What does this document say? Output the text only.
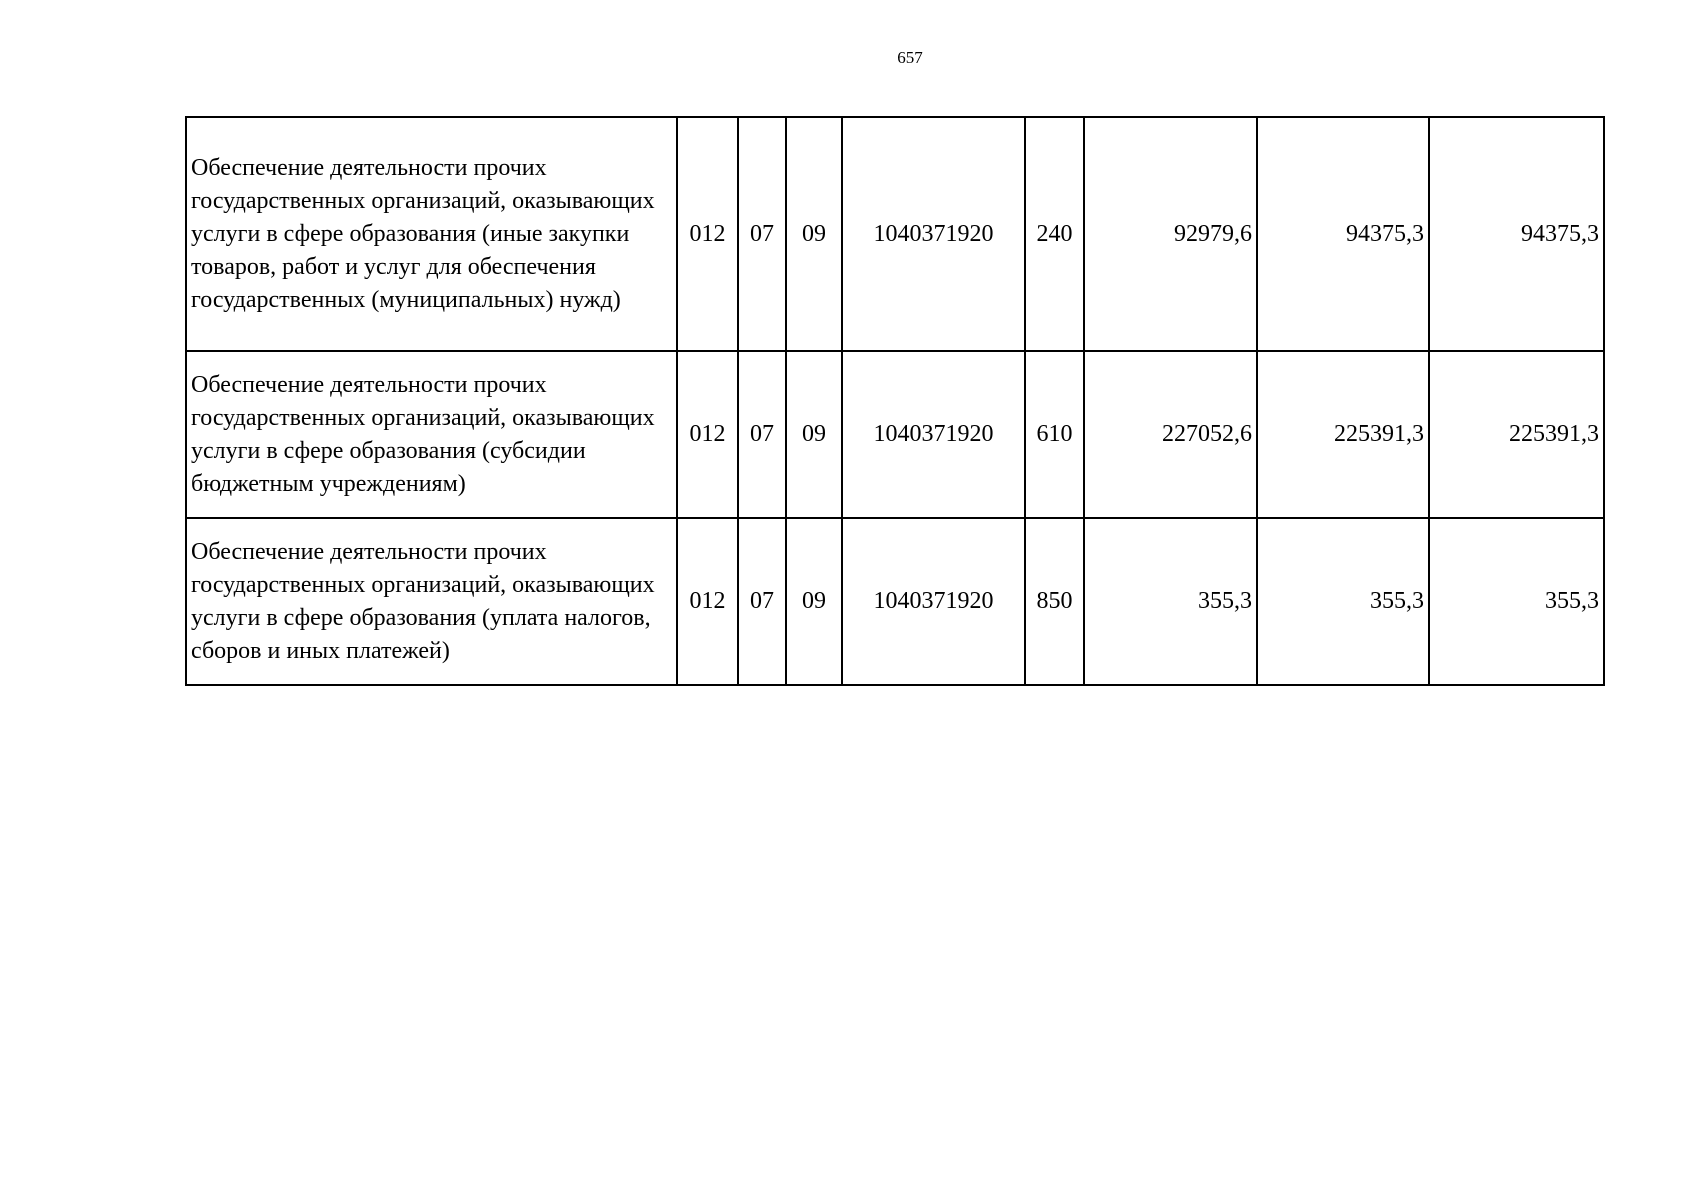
657
Обеспечение деятельности прочих государственных организаций, оказывающих услуги в сфере образования (иные закупки товаров, работ и услуг для обеспечения государственных (муниципальных) нужд)	012	07	09	1040371920	240	92979,6	94375,3	94375,3
Обеспечение деятельности прочих государственных организаций, оказывающих услуги в сфере образования (субсидии бюджетным учреждениям)	012	07	09	1040371920	610	227052,6	225391,3	225391,3
Обеспечение деятельности прочих государственных организаций, оказывающих услуги в сфере образования (уплата налогов, сборов и иных платежей)	012	07	09	1040371920	850	355,3	355,3	355,3
